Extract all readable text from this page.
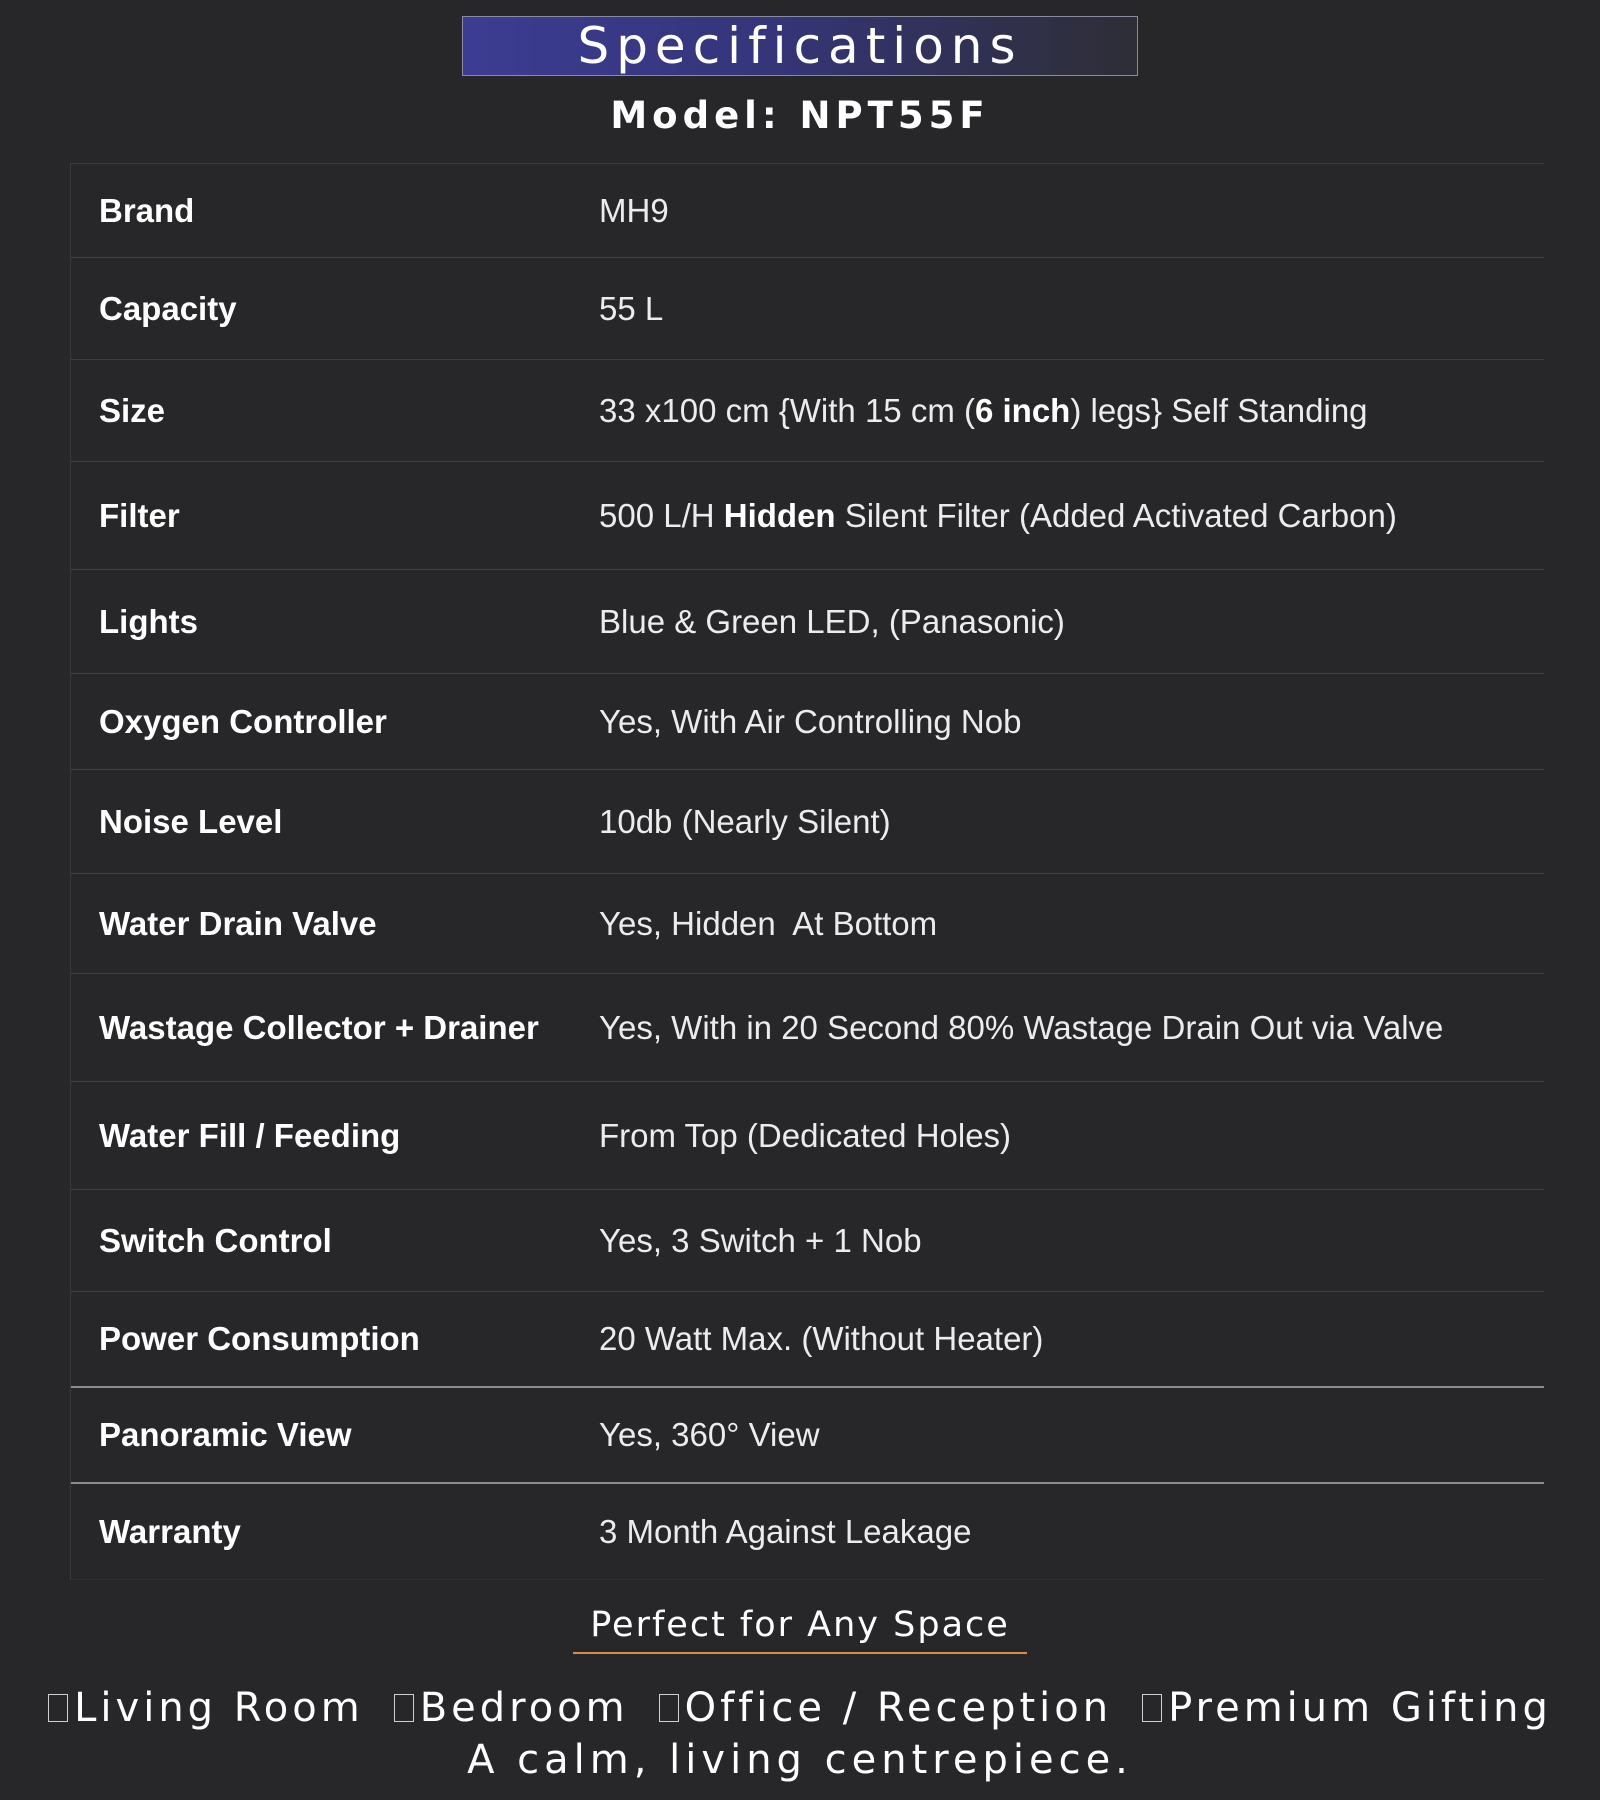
Specifications
Model: NPT55F
Brand	MH9
Capacity	55 L
Size	33 x100 cm {With 15 cm (6 inch) legs} Self Standing
Filter	500 L/H Hidden Silent Filter (Added Activated Carbon)
Lights	Blue & Green LED, (Panasonic)
Oxygen Controller	Yes, With Air Controlling Nob
Noise Level	10db (Nearly Silent)
Water Drain Valve	Yes, Hidden  At Bottom
Wastage Collector + Drainer	Yes, With in 20 Second 80% Wastage Drain Out via Valve
Water Fill / Feeding	From Top (Dedicated Holes)
Switch Control	Yes, 3 Switch + 1 Nob
Power Consumption	20 Watt Max. (Without Heater)
Panoramic View	Yes, 360° View
Warranty	3 Month Against Leakage
Perfect for Any Space
Living Room Bedroom Office / Reception Premium Gifting
A calm, living centrepiece.
